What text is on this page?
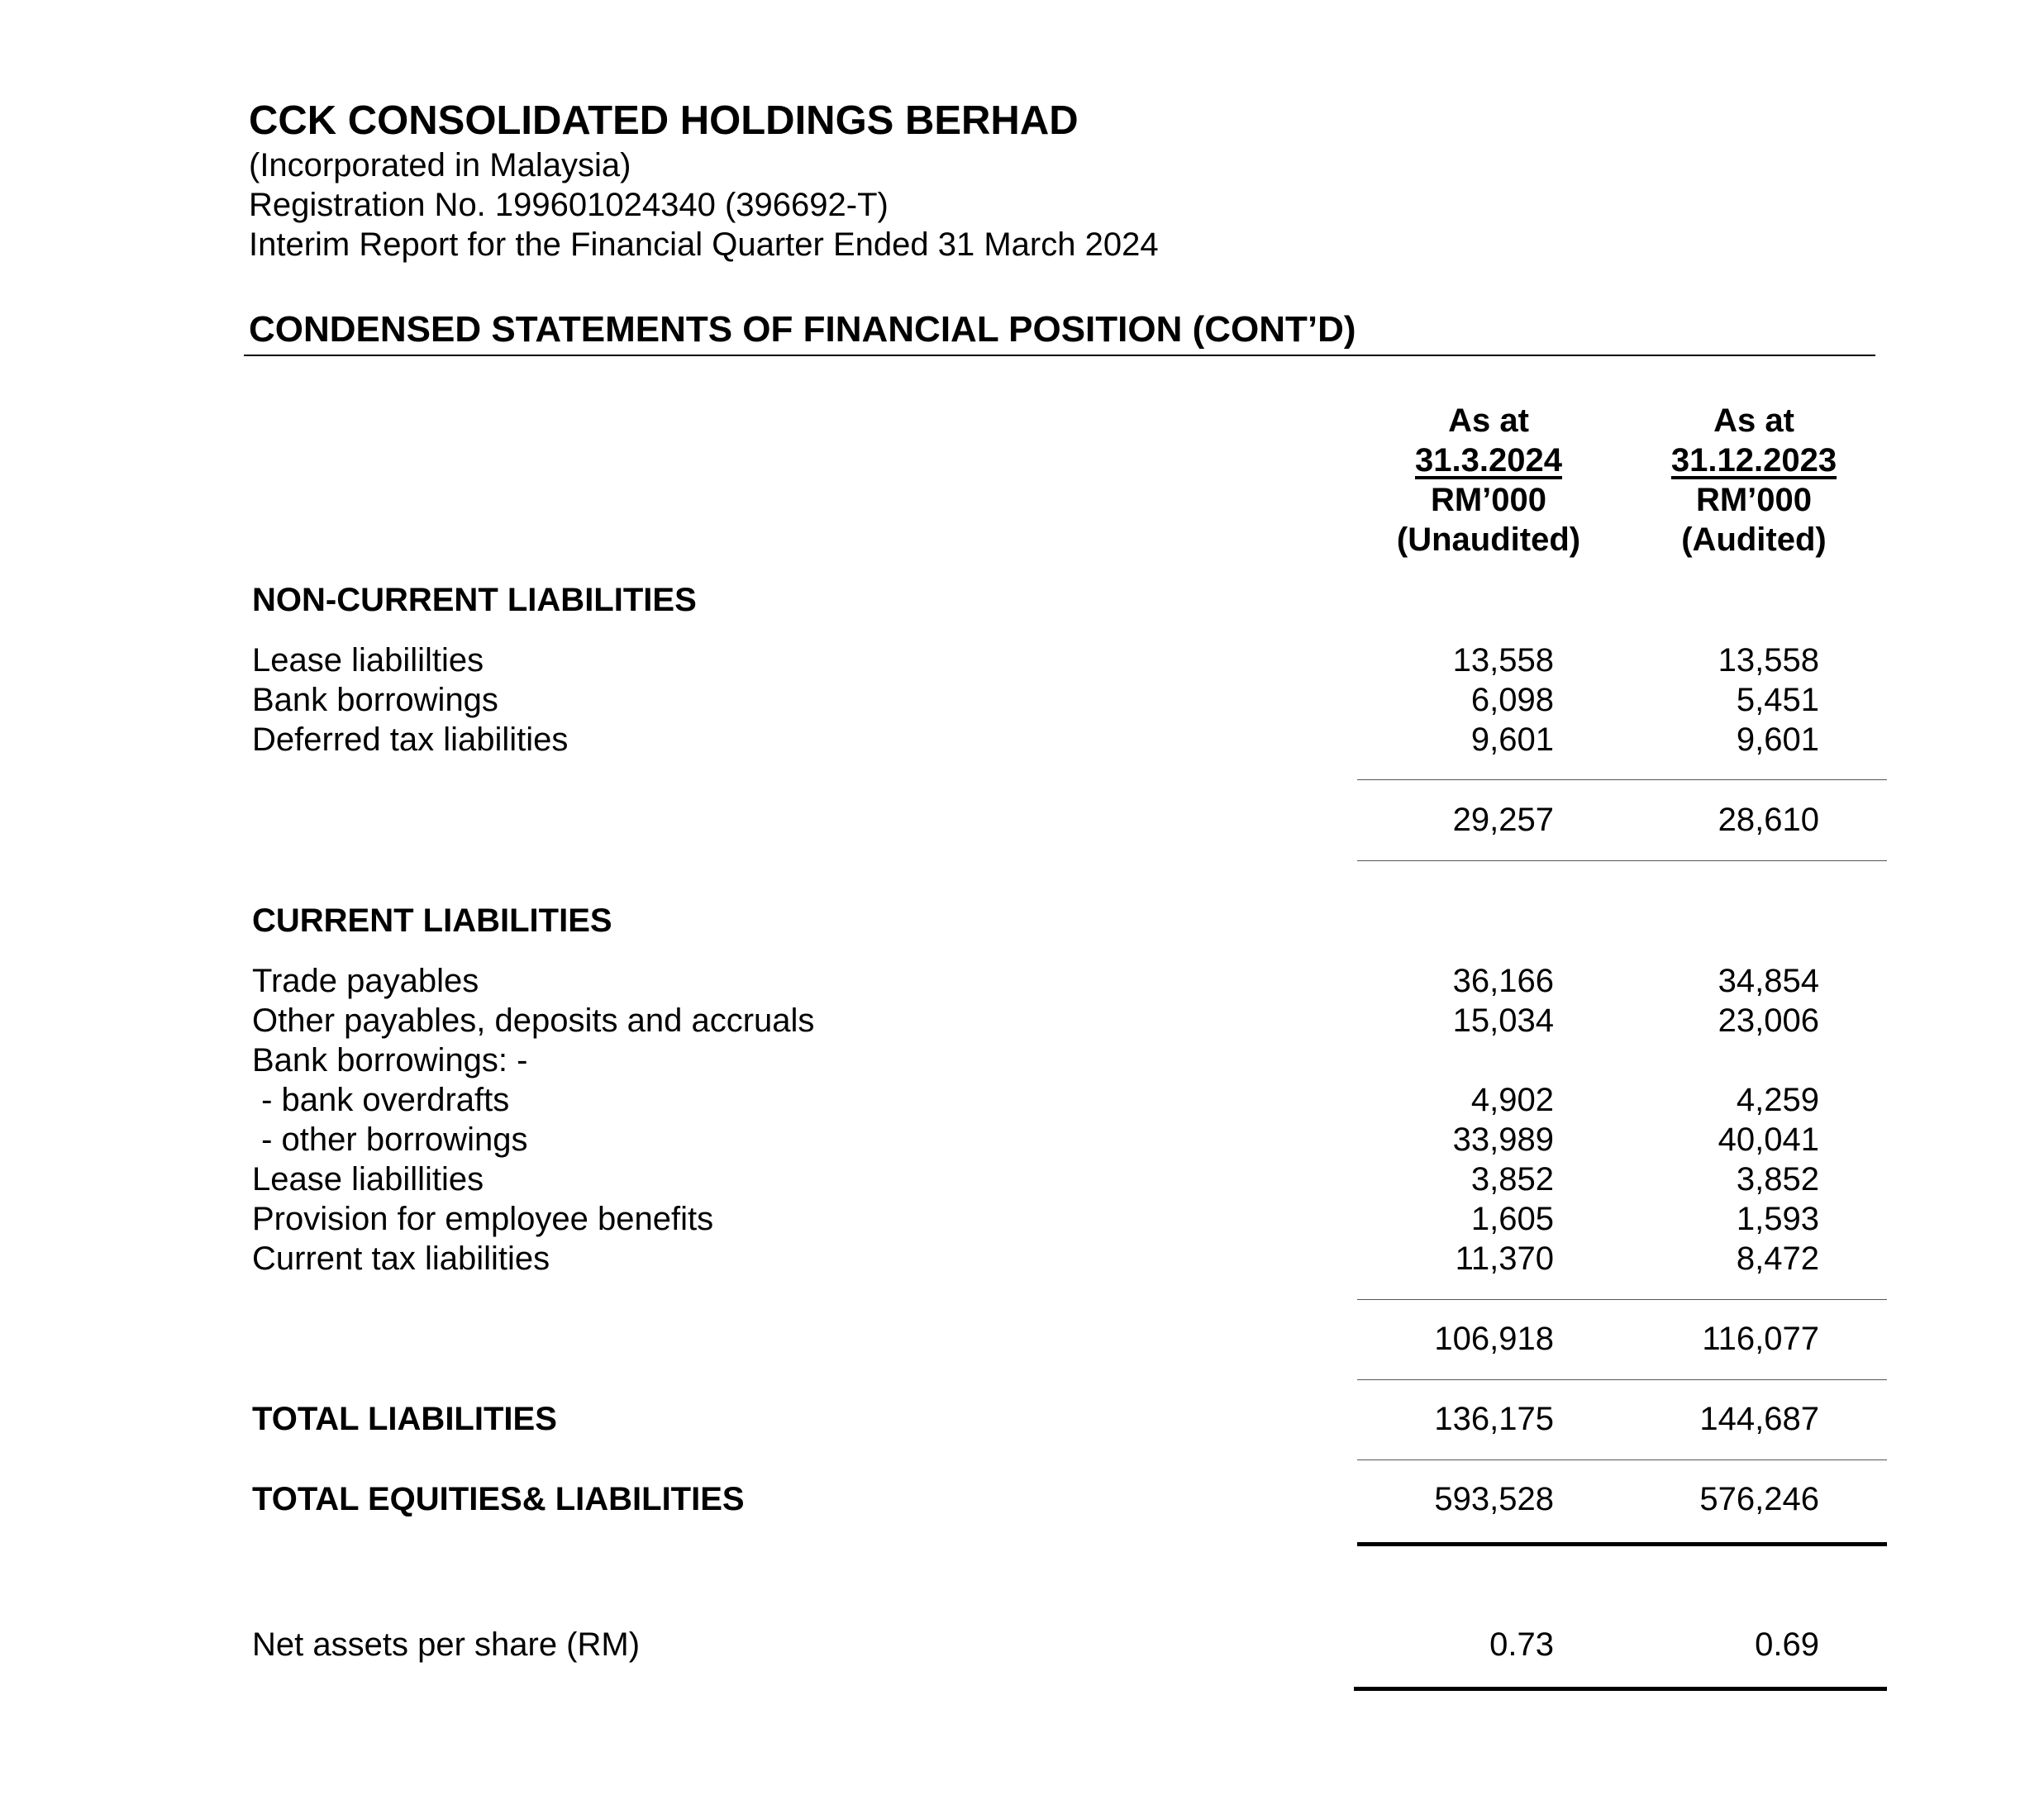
CCK CONSOLIDATED HOLDINGS BERHAD
(Incorporated in Malaysia)
Registration No. 199601024340 (396692-T)
Interim Report for the Financial Quarter Ended 31 March 2024
CONDENSED STATEMENTS OF FINANCIAL POSITION (CONT’D)
As at
31.3.2024
RM’000
(Unaudited)
As at
31.12.2023
RM’000
(Audited)
NON-CURRENT LIABILITIES
Lease liabililties	13,558	13,558
Bank borrowings	6,098	5,451
Deferred tax liabilities	9,601	9,601
29,257	28,610
CURRENT LIABILITIES
Trade payables	36,166	34,854
Other payables, deposits and accruals	15,034	23,006
Bank borrowings: -
- bank overdrafts	4,902	4,259
- other borrowings	33,989	40,041
Lease liabillities	3,852	3,852
Provision for employee benefits	1,605	1,593
Current tax liabilities	11,370	8,472
106,918	116,077
TOTAL LIABILITIES	136,175	144,687
TOTAL EQUITIES& LIABILITIES	593,528	576,246
Net assets per share (RM)	0.73	0.69
